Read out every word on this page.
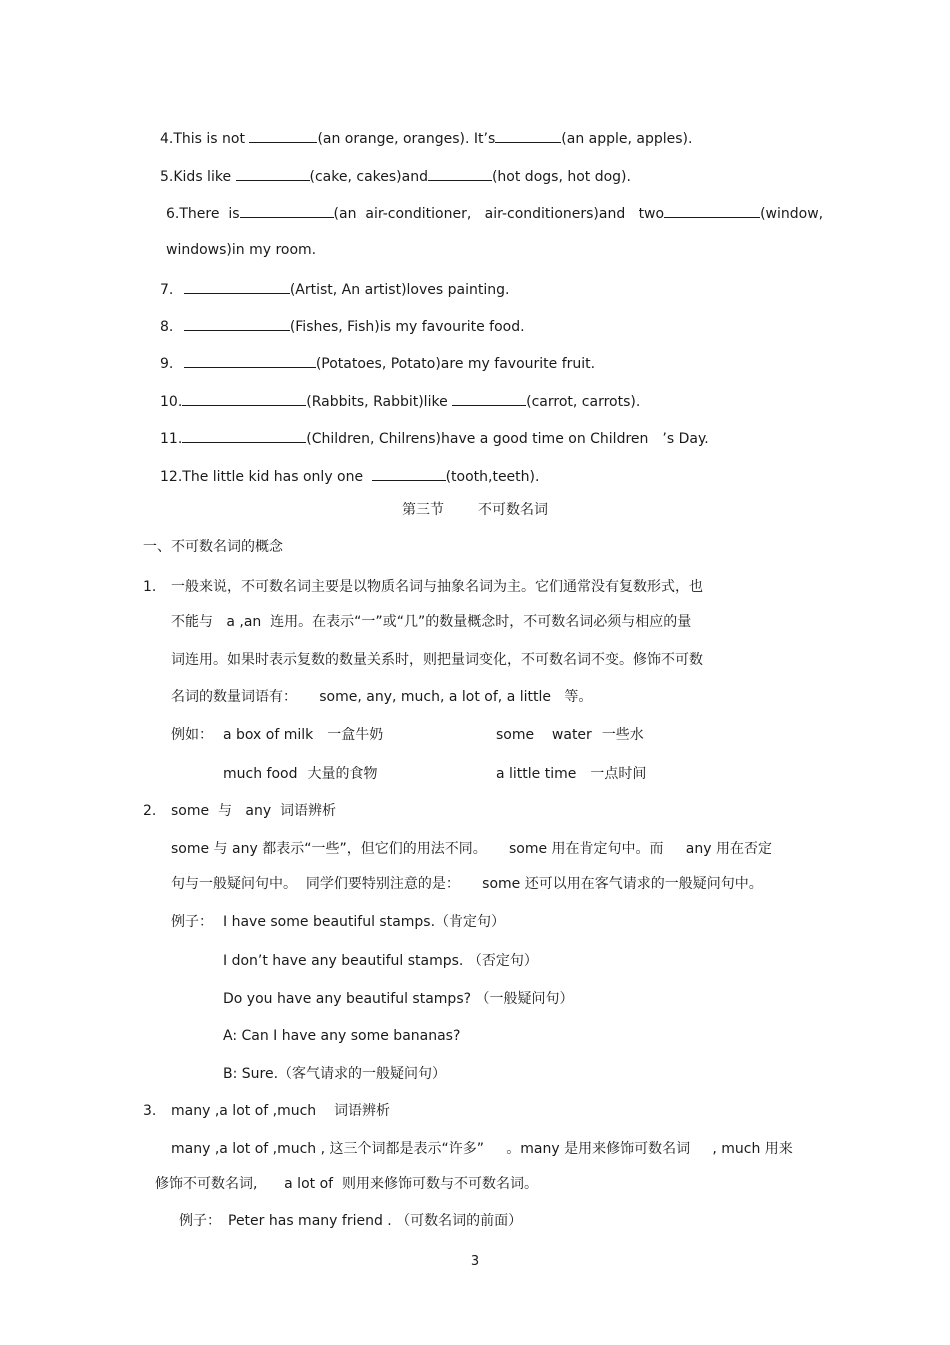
4.This is not	(an orange, oranges). It’s	(an apple, apples).
5.Kids like	(cake, cakes)and	(hot dogs, hot dog).
6.There  is	(an  air-conditioner,   air-conditioners)and   two	(window,
windows)in my room.
7.	(Artist, An artist)loves painting.
8.	(Fishes, Fish)is my favourite food.
9.	(Potatoes, Potato)are my favourite fruit.
10.	(Rabbits, Rabbit)like	(carrot, carrots).
11.	(Children, Chilrens)have a good time on Children ’s Day.
12.The little kid has only one	(tooth,teeth).
第三节 不可数名词
一、不可数名词的概念
1. 一般来说，不可数名词主要是以物质名词与抽象名词为主。它们通常没有复数形式，也
不能与   a ,an  连用。在表示“一”或“几”的数量概念时，不可数名词必须与相应的量
词连用。如果时表示复数的数量关系时，则把量词变化，不可数名词不变。修饰不可数
名词的数量词语有：     some, any, much, a lot of, a little   等。
例如： a box of milk 一盒牛奶	some    water 一些水
much food 大量的食物	a little time 一点时间
2. some  与   any  词语辨析
some 与 any 都表示“一些”，但它们的用法不同。     some 用在肯定句中。而     any 用在否定
句与一般疑问句中。  同学们要特别注意的是：     some 还可以用在客气请求的一般疑问句中。
例子： I have some beautiful stamps.（肯定句）
I don’t have any beautiful stamps. （否定句）
Do you have any beautiful stamps? （一般疑问句）
A: Can I have any some bananas?
B: Sure.（客气请求的一般疑问句）
3. many ,a lot of ,much    词语辨析
many ,a lot of ,much , 这三个词都是表示“许多”     。many 是用来修饰可数名词     , much 用来
修饰不可数名词,      a lot of  则用来修饰可数与不可数名词。
例子： Peter has many friend . （可数名词的前面）
3
